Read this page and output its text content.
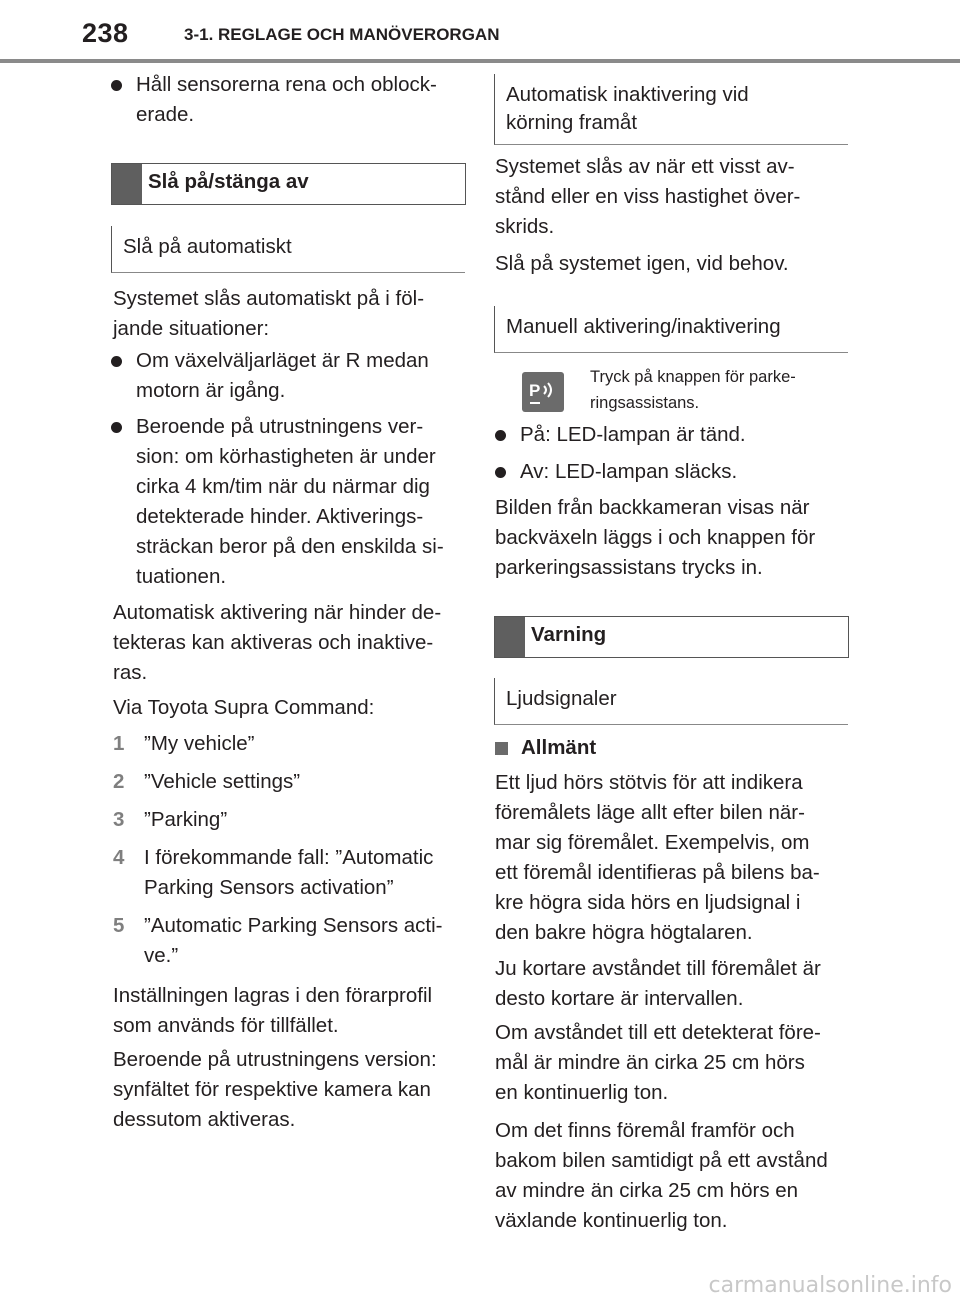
238	3-1. REGLAGE OCH MANÖVERORGAN
Håll sensorerna rena och oblock-
erade.
Slå på/stänga av
Slå på automatiskt
Systemet slås automatiskt på i föl-
jande situationer:
Om växelväljarläget är R medan
motorn är igång.
Beroende på utrustningens ver-
sion: om körhastigheten är under
cirka 4 km/tim när du närmar dig
detekterade hinder. Aktiverings-
sträckan beror på den enskilda si-
tuationen.
Automatisk aktivering när hinder de-
tekteras kan aktiveras och inaktive-
ras.
Via Toyota Supra Command:
1 ”My vehicle”
2 ”Vehicle settings”
3 ”Parking”
4 I förekommande fall: ”Automatic
Parking Sensors activation”
5 ”Automatic Parking Sensors acti-
ve.”
Inställningen lagras i den förarprofil
som används för tillfället.
Beroende på utrustningens version:
synfältet för respektive kamera kan
dessutom aktiveras.
Automatisk inaktivering vid
körning framåt
Systemet slås av när ett visst av-
stånd eller en viss hastighet över-
skrids.
Slå på systemet igen, vid behov.
Manuell aktivering/inaktivering
P
Tryck på knappen för parke-
ringsassistans.
På: LED-lampan är tänd.
Av: LED-lampan släcks.
Bilden från backkameran visas när
backväxeln läggs i och knappen för
parkeringsassistans trycks in.
Varning
Ljudsignaler
Allmänt
Ett ljud hörs stötvis för att indikera
föremålets läge allt efter bilen när-
mar sig föremålet. Exempelvis, om
ett föremål identifieras på bilens ba-
kre högra sida hörs en ljudsignal i
den bakre högra högtalaren.
Ju kortare avståndet till föremålet är
desto kortare är intervallen.
Om avståndet till ett detekterat före-
mål är mindre än cirka 25 cm hörs
en kontinuerlig ton.
Om det finns föremål framför och
bakom bilen samtidigt på ett avstånd
av mindre än cirka 25 cm hörs en
växlande kontinuerlig ton.
carmanualsonline.info
